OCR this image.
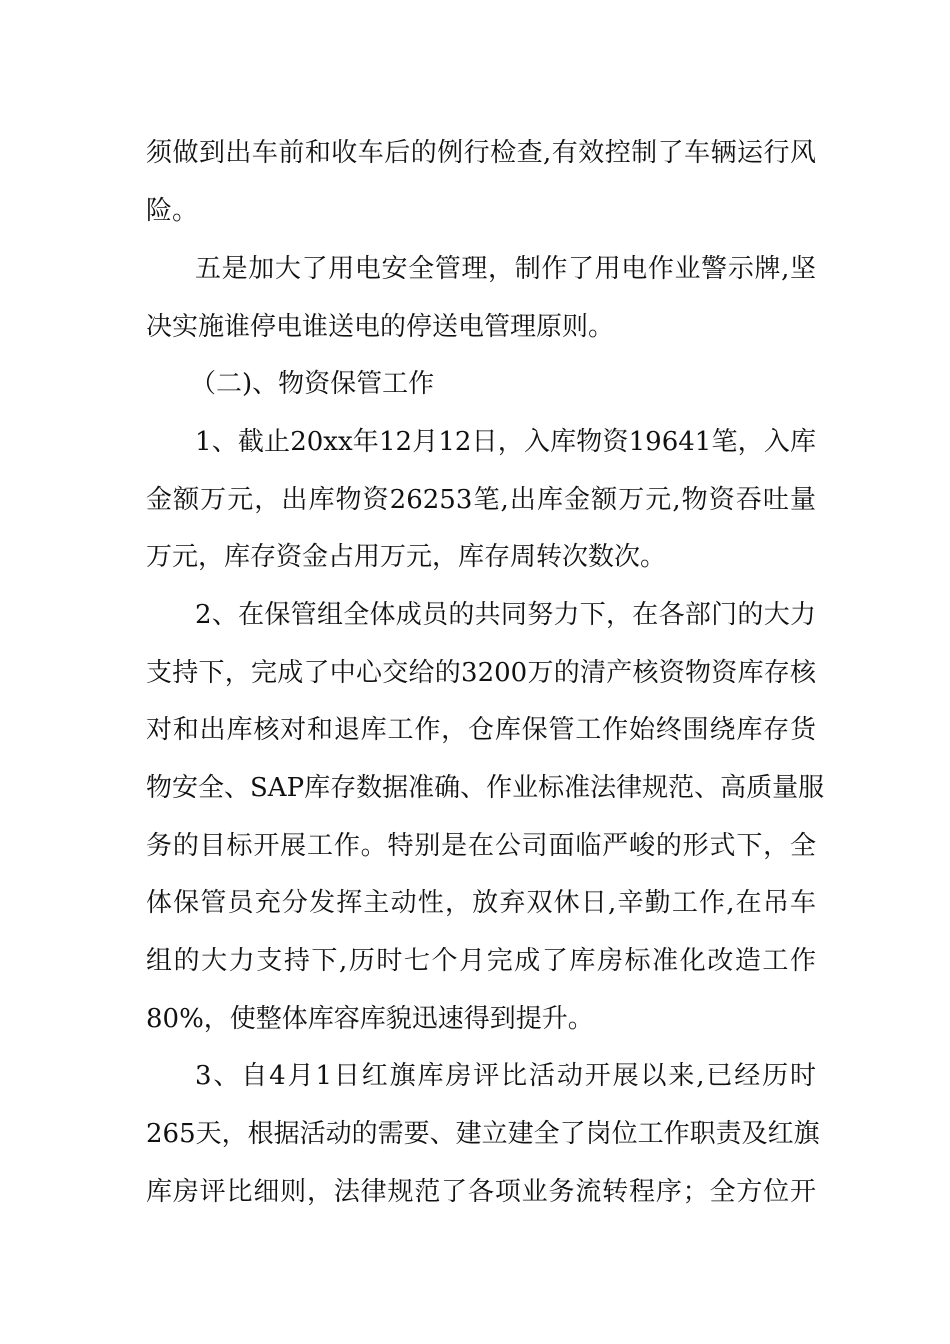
须做到出车前和收车后的例行检查,有效控制了车辆运行风
险。
五是加大了用电安全管理，制作了用电作业警示牌,坚
决实施谁停电谁送电的停送电管理原则。
（二)、物资保管工作
1、截止20xx年12月12日，入库物资19641笔，入库
金额万元，出库物资26253笔,出库金额万元,物资吞吐量
万元，库存资金占用万元，库存周转次数次。
2、在保管组全体成员的共同努力下，在各部门的大力
支持下，完成了中心交给的3200万的清产核资物资库存核
对和出库核对和退库工作，仓库保管工作始终围绕库存货
物安全、SAP库存数据准确、作业标准法律规范、高质量服
务的目标开展工作。特别是在公司面临严峻的形式下，全
体保管员充分发挥主动性，放弃双休日,辛勤工作,在吊车
组的大力支持下,历时七个月完成了库房标准化改造工作
80%，使整体库容库貌迅速得到提升。
3、自4月1日红旗库房评比活动开展以来,已经历时
265天，根据活动的需要、建立建全了岗位工作职责及红旗
库房评比细则，法律规范了各项业务流转程序；全方位开
